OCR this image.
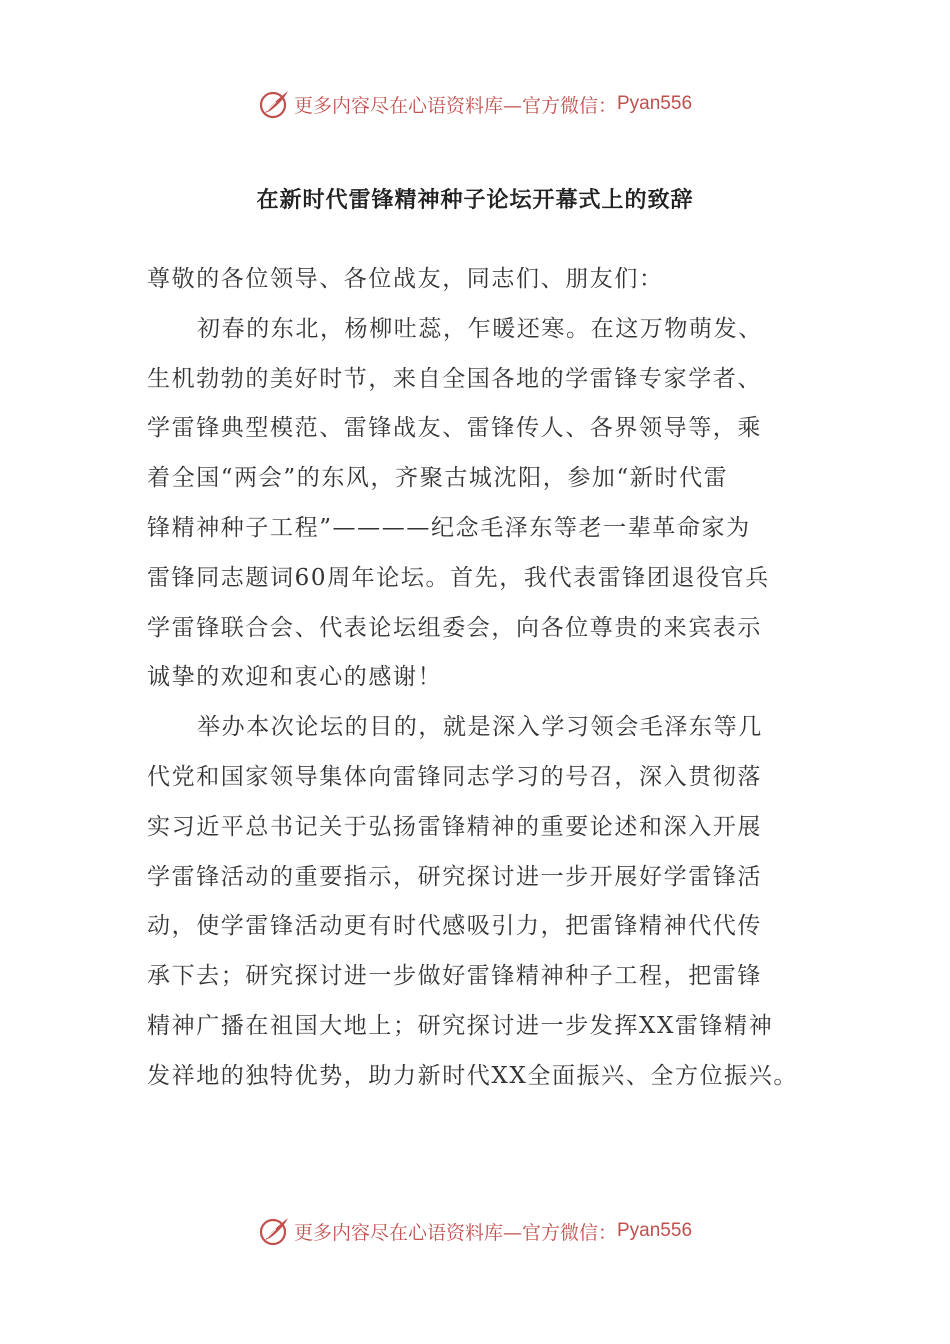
更多内容尽在心语资料库—官方微信： Pyan556
在新时代雷锋精神种子论坛开幕式上的致辞
尊敬的各位领导、各位战友，同志们、朋友们：
初春的东北，杨柳吐蕊，乍暖还寒。在这万物萌发、
生机勃勃的美好时节，来自全国各地的学雷锋专家学者、
学雷锋典型模范、雷锋战友、雷锋传人、各界领导等，乘
着全国“两会”的东风，齐聚古城沈阳，参加“新时代雷
锋精神种子工程”————纪念毛泽东等老一辈革命家为
雷锋同志题词60周年论坛。首先，我代表雷锋团退役官兵
学雷锋联合会、代表论坛组委会，向各位尊贵的来宾表示
诚挚的欢迎和衷心的感谢！
举办本次论坛的目的，就是深入学习领会毛泽东等几
代党和国家领导集体向雷锋同志学习的号召，深入贯彻落
实习近平总书记关于弘扬雷锋精神的重要论述和深入开展
学雷锋活动的重要指示，研究探讨进一步开展好学雷锋活
动，使学雷锋活动更有时代感吸引力，把雷锋精神代代传
承下去；研究探讨进一步做好雷锋精神种子工程，把雷锋
精神广播在祖国大地上；研究探讨进一步发挥XX雷锋精神
发祥地的独特优势，助力新时代XX全面振兴、全方位振兴。
更多内容尽在心语资料库—官方微信： Pyan556
